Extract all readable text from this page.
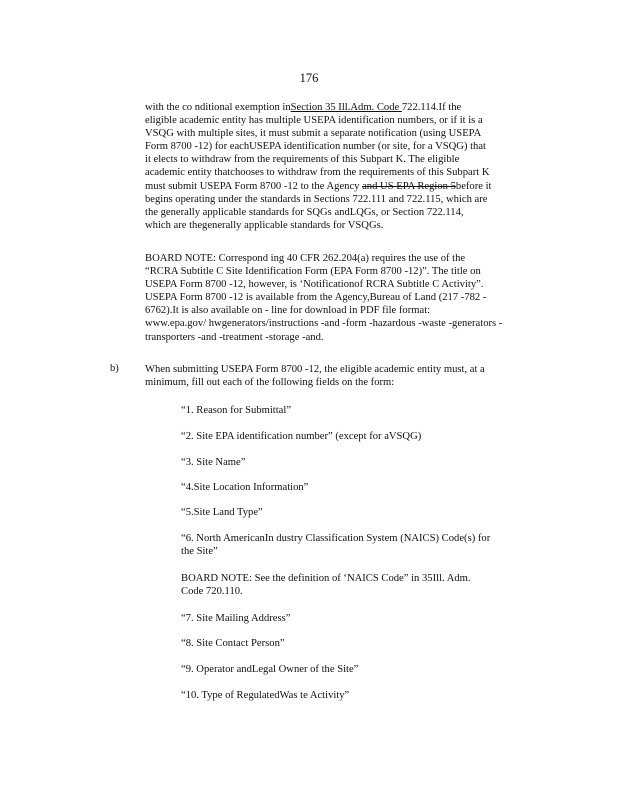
176
with the co nditional exemption inSection 35 Ill.Adm. Code 722.114.If the
eligible academic entity has multiple USEPA identification numbers, or if it is a
VSQG with multiple sites, it must submit a separate notification (using USEPA
Form 8700 -12) for eachUSEPA identification number (or site, for a VSQG) that
it elects to withdraw from the requirements of this Subpart K. The eligible
academic entity thatchooses to withdraw from the requirements of this Subpart K
must submit USEPA Form 8700 -12 to the Agency and US EPA Region 5before it
begins operating under the standards in Sections 722.111 and 722.115, which are
the generally applicable standards for SQGs andLQGs, or Section 722.114,
which are thegenerally applicable standards for VSQGs.
BOARD NOTE: Correspond ing 40 CFR 262.204(a) requires the use of the
“RCRA Subtitle C Site Identification Form (EPA Form 8700 -12)”. The title on
USEPA Form 8700 -12, however, is ‘Notificationof RCRA Subtitle C Activity”.
USEPA Form 8700 -12 is available from the Agency,Bureau of Land (217 -782 -
6762).It is also available on - line for download in PDF file format:
www.epa.gov/ hwgenerators/instructions -and -form -hazardous -waste -generators -
transporters -and -treatment -storage -and.
b) When submitting USEPA Form 8700 -12, the eligible academic entity must, at a
minimum, fill out each of the following fields on the form:
“1. Reason for Submittal”
“2. Site EPA identification number” (except for aVSQG)
“3. Site Name”
“4.Site Location Information”
“5.Site Land Type”
“6. North AmericanIn dustry Classification System (NAICS) Code(s) for
the Site”
BOARD NOTE: See the definition of ‘NAICS Code” in 35Ill. Adm.
Code 720.110.
“7. Site Mailing Address”
“8. Site Contact Person”
“9. Operator andLegal Owner of the Site”
“10. Type of RegulatedWas te Activity”
